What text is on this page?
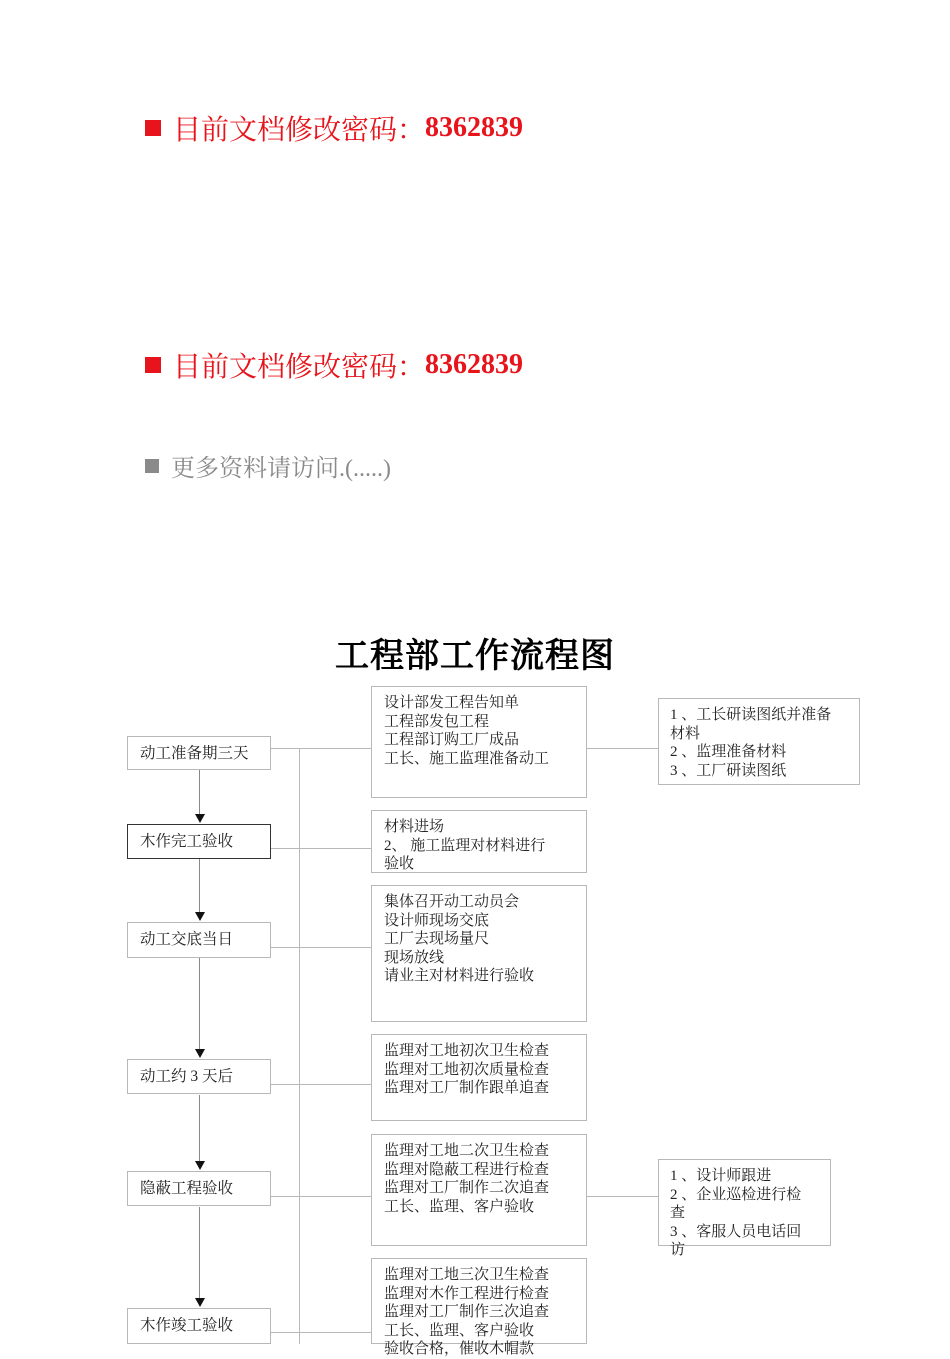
目前文档修改密码： 8362839
目前文档修改密码： 8362839
更多资料请访问.(.....)
工程部工作流程图
动工准备期三天
木作完工验收
动工交底当日
动工约 3 天后
隐蔽工程验收
木作竣工验收
设计部发工程告知单
工程部发包工程
工程部订购工厂成品
工长、施工监理准备动工
材料进场
2、 施工监理对材料进行
验收
集体召开动工动员会
设计师现场交底
工厂去现场量尺
现场放线
请业主对材料进行验收
监理对工地初次卫生检查
监理对工地初次质量检查
监理对工厂制作跟单追查
监理对工地二次卫生检查
监理对隐蔽工程进行检查
监理对工厂制作二次追查
工长、监理、客户验收
监理对工地三次卫生检查
监理对木作工程进行检查
监理对工厂制作三次追查
工长、监理、客户验收
验收合格，催收木帽款
1 、工长研读图纸并准备
材料
2 、监理准备材料
3 、工厂研读图纸
1 、设计师跟进
2 、企业巡检进行检
查
3 、客服人员电话回
访
